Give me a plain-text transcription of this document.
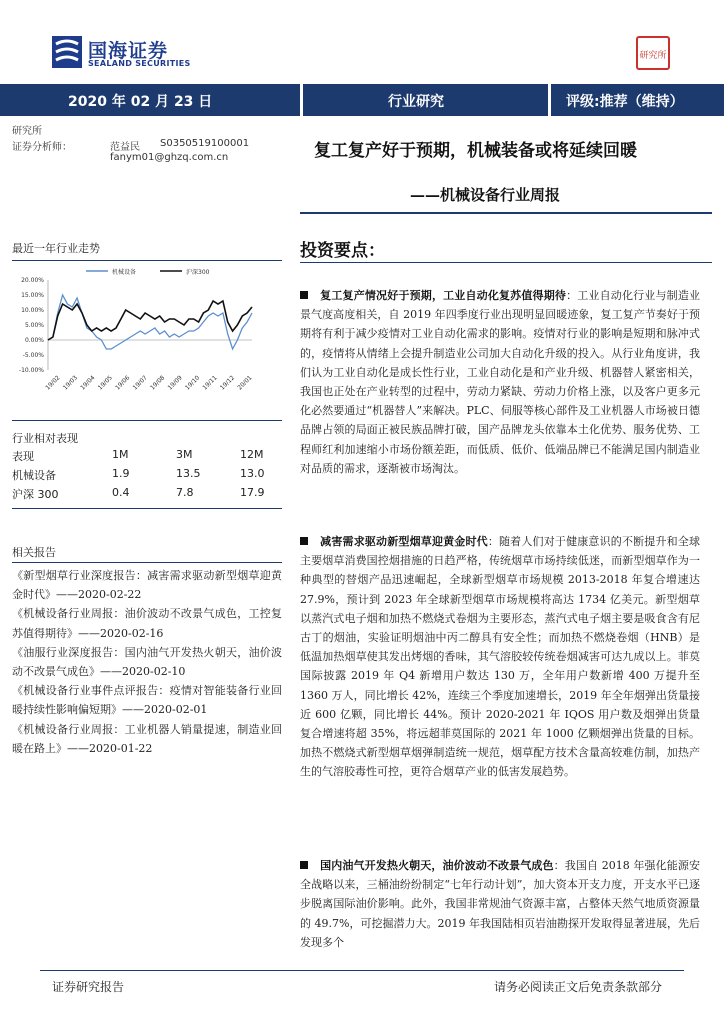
国海证券
SEALAND SECURITIES
研究所
2020 年 02 月 23 日	行业研究	评级:推荐（维持）
研究所
证券分析师：	范益民 S0350519100001
fanym01@ghzq.com.cn	复工复产好于预期，机械装备或将延续回暖
——机械设备行业周报
最近一年行业走势
机械设备	沪深300
20.00%
15.00%
10.00%
5.00%
0.00%
-5.00%
-10.00%
19/02 19/03 19/04 19/05 19/06 19/07 19/08 19/09 19/10 19/11 19/12 20/01
行业相对表现
表现	1M	3M	12M
机械设备	1.9	13.5	13.0
沪深 300	0.4	7.8	17.9
相关报告
《新型烟草行业深度报告：减害需求驱动新型烟草迎黄金时代》——2020-02-22
《机械设备行业周报：油价波动不改景气成色，工控复苏值得期待》——2020-02-16
《油服行业深度报告：国内油气开发热火朝天，油价波动不改景气成色》——2020-02-10
《机械设备行业事件点评报告：疫情对智能装备行业回暖持续性影响偏短期》——2020-02-01
《机械设备行业周报：工业机器人销量提速，制造业回暖在路上》——2020-01-22
投资要点：
复工复产情况好于预期，工业自动化复苏值得期待：工业自动化行业与制造业景气度高度相关，自 2019 年四季度行业出现明显回暖迹象，复工复产节奏好于预期将有利于减少疫情对工业自动化需求的影响。疫情对行业的影响是短期和脉冲式的，疫情将从情绪上会提升制造业公司加大自动化升级的投入。从行业角度讲，我们认为工业自动化是成长性行业，工业自动化是和产业升级、机器替人紧密相关，我国也正处在产业转型的过程中，劳动力紧缺、劳动力价格上涨，以及客户更多元化必然要通过“机器替人”来解决。PLC、伺服等核心部件及工业机器人市场被日德品牌占领的局面正被民族品牌打破，国产品牌龙头依靠本土化优势、服务优势、工程师红利加速缩小市场份额差距，而低质、低价、低端品牌已不能满足国内制造业对品质的需求，逐渐被市场淘汰。
减害需求驱动新型烟草迎黄金时代：随着人们对于健康意识的不断提升和全球主要烟草消费国控烟措施的日趋严格，传统烟草市场持续低迷，而新型烟草作为一种典型的替烟产品迅速崛起，全球新型烟草市场规模 2013-2018 年复合增速达 27.9%，预计到 2023 年全球新型烟草市场规模将高达 1734 亿美元。新型烟草以蒸汽式电子烟和加热不燃烧式卷烟为主要形态，蒸汽式电子烟主要是吸食含有尼古丁的烟油，实验证明烟油中丙二醇具有安全性；而加热不燃烧卷烟（HNB）是低温加热烟草使其发出烤烟的香味，其气溶胶较传统卷烟减害可达九成以上。菲莫国际披露 2019 年 Q4 新增用户数达 130 万，全年用户数新增 400 万提升至 1360 万人，同比增长 42%，连续三个季度加速增长，2019 年全年烟弹出货量接近 600 亿颗，同比增长 44%。预计 2020-2021 年 IQOS 用户数及烟弹出货量复合增速将超 35%，将远超菲莫国际的 2021 年 1000 亿颗烟弹出货量的目标。加热不燃烧式新型烟草烟弹制造统一规范，烟草配方技术含量高较难仿制，加热产生的气溶胶毒性可控，更符合烟草产业的低害发展趋势。
国内油气开发热火朝天，油价波动不改景气成色：我国自 2018 年强化能源安全战略以来，三桶油纷纷制定“七年行动计划”，加大资本开支力度，开支水平已逐步脱离国际油价影响。此外，我国非常规油气资源丰富，占整体天然气地质资源量的 49.7%，可挖掘潜力大。2019 年我国陆相页岩油勘探开发取得显著进展，先后发现多个
证券研究报告	请务必阅读正文后免责条款部分
